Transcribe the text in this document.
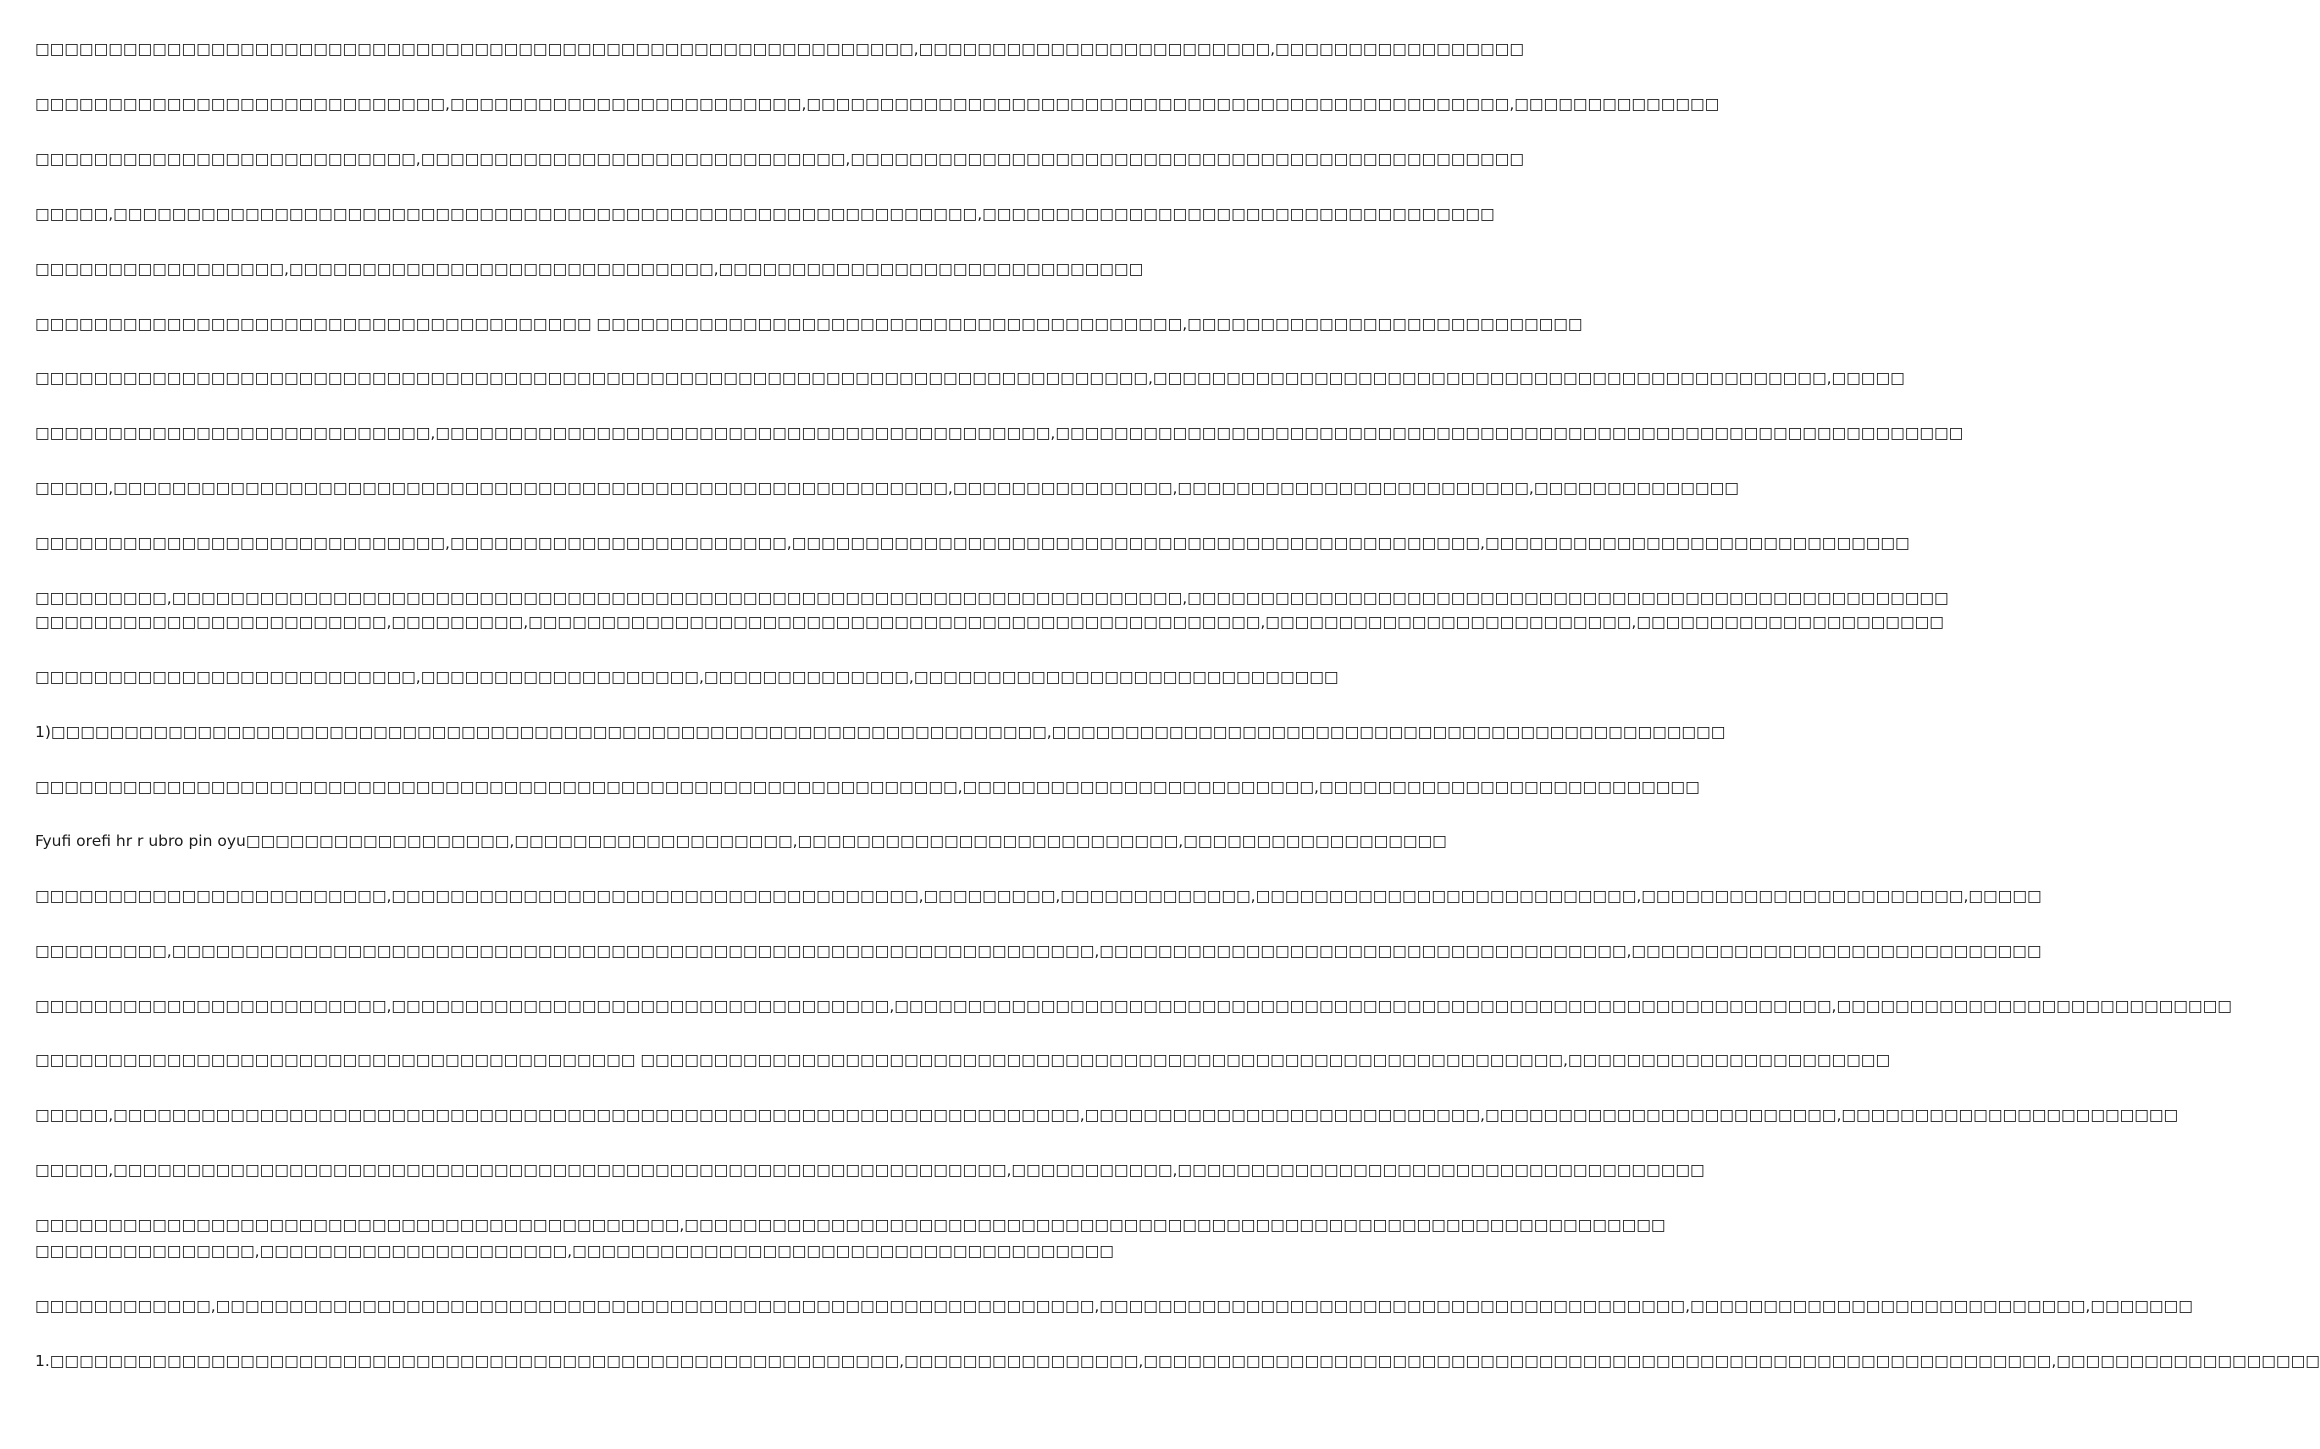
□□□□□□□□□□□□□□□□□□□□□□□□□□□□□□□□□□□□□□□□□□□□□□□□□□□□□□□□□□□□,□□□□□□□□□□□□□□□□□□□□□□□□,□□□□□□□□□□□□□□□□□
□□□□□□□□□□□□□□□□□□□□□□□□□□□□,□□□□□□□□□□□□□□□□□□□□□□□□,□□□□□□□□□□□□□□□□□□□□□□□□□□□□□□□□□□□□□□□□□□□□□□□□,□□□□□□□□□□□□□□
□□□□□□□□□□□□□□□□□□□□□□□□□□,□□□□□□□□□□□□□□□□□□□□□□□□□□□□□,□□□□□□□□□□□□□□□□□□□□□□□□□□□□□□□□□□□□□□□□□□□□□□
□□□□□,□□□□□□□□□□□□□□□□□□□□□□□□□□□□□□□□□□□□□□□□□□□□□□□□□□□□□□□□□□□,□□□□□□□□□□□□□□□□□□□□□□□□□□□□□□□□□□□
□□□□□□□□□□□□□□□□□,□□□□□□□□□□□□□□□□□□□□□□□□□□□□□,□□□□□□□□□□□□□□□□□□□□□□□□□□□□□
□□□□□□□□□□□□□□□□□□□□□□□□□□□□□□□□□□□□□□ □□□□□□□□□□□□□□□□□□□□□□□□□□□□□□□□□□□□□□□□,□□□□□□□□□□□□□□□□□□□□□□□□□□□
□□□□□□□□□□□□□□□□□□□□□□□□□□□□□□□□□□□□□□□□□□□□□□□□□□□□□□□□□□□□□□□□□□□□□□□□□□□□,□□□□□□□□□□□□□□□□□□□□□□□□□□□□□□□□□□□□□□□□□□□□□□,□□□□□
□□□□□□□□□□□□□□□□□□□□□□□□□□□,□□□□□□□□□□□□□□□□□□□□□□□□□□□□□□□□□□□□□□□□□□,□□□□□□□□□□□□□□□□□□□□□□□□□□□□□□□□□□□□□□□□□□□□□□□□□□□□□□□□□□□□□□
□□□□□,□□□□□□□□□□□□□□□□□□□□□□□□□□□□□□□□□□□□□□□□□□□□□□□□□□□□□□□□□,□□□□□□□□□□□□□□□,□□□□□□□□□□□□□□□□□□□□□□□□,□□□□□□□□□□□□□□
□□□□□□□□□□□□□□□□□□□□□□□□□□□□,□□□□□□□□□□□□□□□□□□□□□□□,□□□□□□□□□□□□□□□□□□□□□□□□□□□□□□□□□□□□□□□□□□□□□□□,□□□□□□□□□□□□□□□□□□□□□□□□□□□□□
□□□□□□□□□,□□□□□□□□□□□□□□□□□□□□□□□□□□□□□□□□□□□□□□□□□□□□□□□□□□□□□□□□□□□□□□□□□□□□□,□□□□□□□□□□□□□□□□□□□□□□□□□□□□□□□□□□□□□□□□□□□□□□□□□□□□
□□□□□□□□□□□□□□□□□□□□□□□□,□□□□□□□□□,□□□□□□□□□□□□□□□□□□□□□□□□□□□□□□□□□□□□□□□□□□□□□□□□□□,□□□□□□□□□□□□□□□□□□□□□□□□□,□□□□□□□□□□□□□□□□□□□□□
□□□□□□□□□□□□□□□□□□□□□□□□□□,□□□□□□□□□□□□□□□□□□□,□□□□□□□□□□□□□□,□□□□□□□□□□□□□□□□□□□□□□□□□□□□□
1)□□□□□□□□□□□□□□□□□□□□□□□□□□□□□□□□□□□□□□□□□□□□□□□□□□□□□□□□□□□□□□□□□□□□,□□□□□□□□□□□□□□□□□□□□□□□□□□□□□□□□□□□□□□□□□□□□□□
□□□□□□□□□□□□□□□□□□□□□□□□□□□□□□□□□□□□□□□□□□□□□□□□□□□□□□□□□□□□□□□,□□□□□□□□□□□□□□□□□□□□□□□□,□□□□□□□□□□□□□□□□□□□□□□□□□□
Fyufi orefi hr r ubro pin oyu□□□□□□□□□□□□□□□□□□,□□□□□□□□□□□□□□□□□□□,□□□□□□□□□□□□□□□□□□□□□□□□□□,□□□□□□□□□□□□□□□□□□
□□□□□□□□□□□□□□□□□□□□□□□□,□□□□□□□□□□□□□□□□□□□□□□□□□□□□□□□□□□□□,□□□□□□□□□,□□□□□□□□□□□□□,□□□□□□□□□□□□□□□□□□□□□□□□□□,□□□□□□□□□□□□□□□□□□□□□□,□□□□□
□□□□□□□□□,□□□□□□□□□□□□□□□□□□□□□□□□□□□□□□□□□□□□□□□□□□□□□□□□□□□□□□□□□□□□□□□,□□□□□□□□□□□□□□□□□□□□□□□□□□□□□□□□□□□□,□□□□□□□□□□□□□□□□□□□□□□□□□□□□
□□□□□□□□□□□□□□□□□□□□□□□□,□□□□□□□□□□□□□□□□□□□□□□□□□□□□□□□□□□,□□□□□□□□□□□□□□□□□□□□□□□□□□□□□□□□□□□□□□□□□□□□□□□□□□□□□□□□□□□□□□□□,□□□□□□□□□□□□□□□□□□□□□□□□□□□
□□□□□□□□□□□□□□□□□□□□□□□□□□□□□□□□□□□□□□□□□ □□□□□□□□□□□□□□□□□□□□□□□□□□□□□□□□□□□□□□□□□□□□□□□□□□□□□□□□□□□□□□□,□□□□□□□□□□□□□□□□□□□□□□
□□□□□,□□□□□□□□□□□□□□□□□□□□□□□□□□□□□□□□□□□□□□□□□□□□□□□□□□□□□□□□□□□□□□□□□□,□□□□□□□□□□□□□□□□□□□□□□□□□□□,□□□□□□□□□□□□□□□□□□□□□□□□,□□□□□□□□□□□□□□□□□□□□□□□
□□□□□,□□□□□□□□□□□□□□□□□□□□□□□□□□□□□□□□□□□□□□□□□□□□□□□□□□□□□□□□□□□□□,□□□□□□□□□□□,□□□□□□□□□□□□□□□□□□□□□□□□□□□□□□□□□□□□
□□□□□□□□□□□□□□□□□□□□□□□□□□□□□□□□□□□□□□□□□□□□,□□□□□□□□□□□□□□□□□□□□□□□□□□□□□□□□□□□□□□□□□□□□□□□□□□□□□□□□□□□□□□□□□□□
□□□□□□□□□□□□□□□,□□□□□□□□□□□□□□□□□□□□□,□□□□□□□□□□□□□□□□□□□□□□□□□□□□□□□□□□□□□
□□□□□□□□□□□□,□□□□□□□□□□□□□□□□□□□□□□□□□□□□□□□□□□□□□□□□□□□□□□□□□□□□□□□□□□□□,□□□□□□□□□□□□□□□□□□□□□□□□□□□□□□□□□□□□□□□□,□□□□□□□□□□□□□□□□□□□□□□□□□□□,□□□□□□□
1.□□□□□□□□□□□□□□□□□□□□□□□□□□□□□□□□□□□□□□□□□□□□□□□□□□□□□□□□□□,□□□□□□□□□□□□□□□□,□□□□□□□□□□□□□□□□□□□□□□□□□□□□□□□□□□□□□□□□□□□□□□□□□□□□□□□□□□□□□□,□□□□□□□□□□□□□□□□□□
